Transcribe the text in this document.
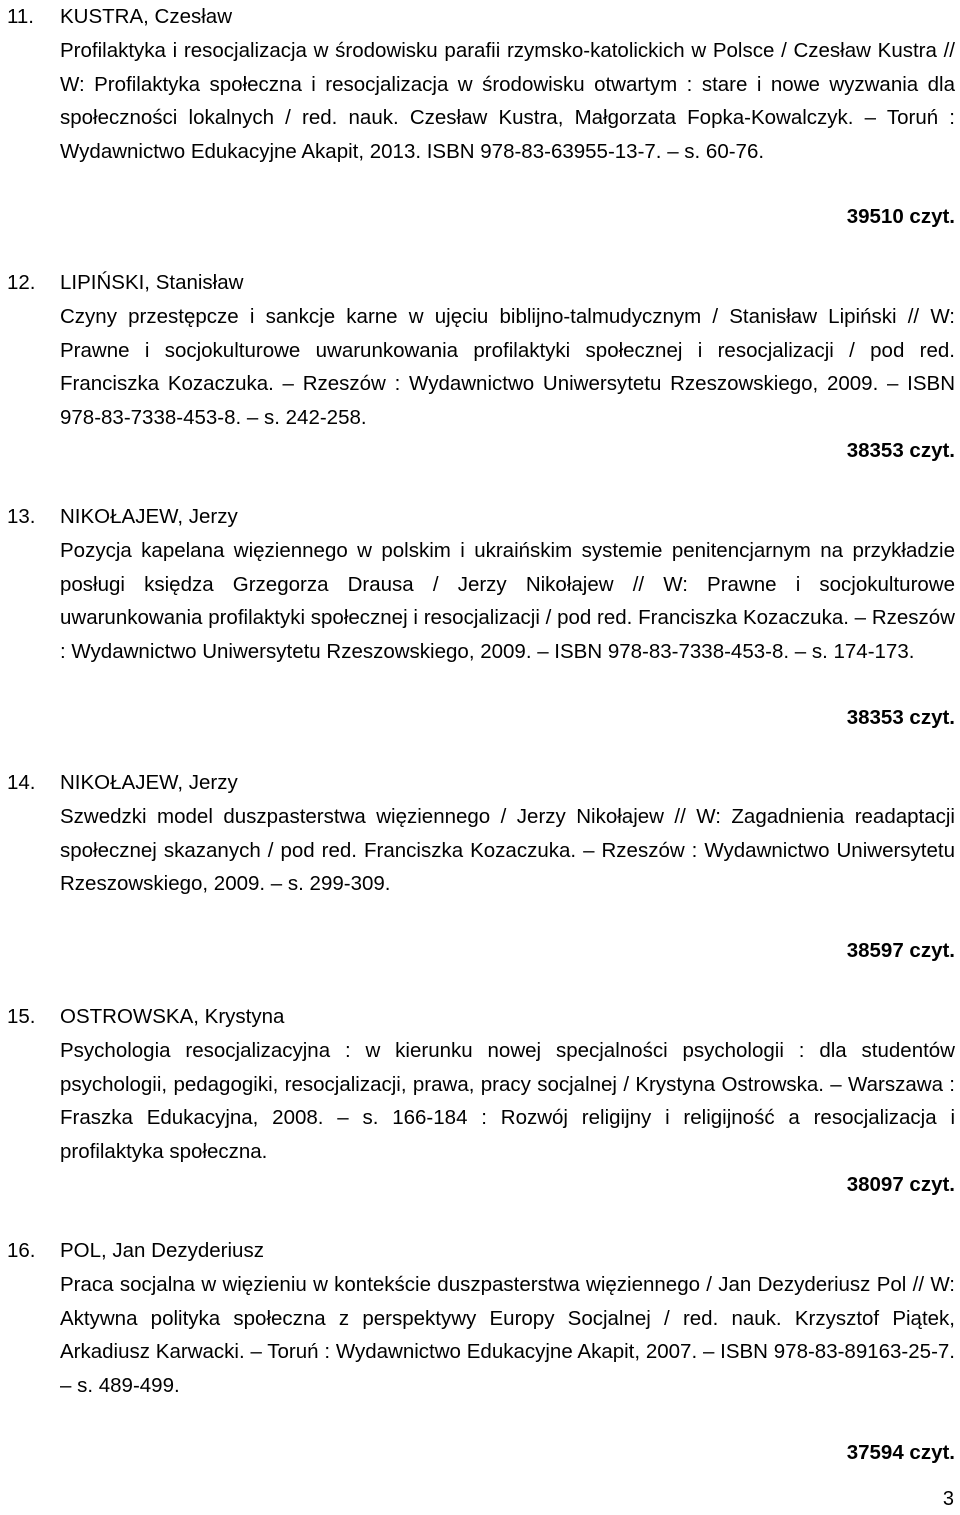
11. KUSTRA, Czesław
Profilaktyka i resocjalizacja w środowisku parafii rzymsko-katolickich w Polsce / Czesław Kustra // W: Profilaktyka społeczna i resocjalizacja w środowisku otwartym : stare i nowe wyzwania dla społeczności lokalnych / red. nauk. Czesław Kustra, Małgorzata Fopka-Kowalczyk. – Toruń : Wydawnictwo Edukacyjne Akapit, 2013. ISBN 978-83-63955-13-7. – s. 60-76.
39510 czyt.
12. LIPIŃSKI, Stanisław
Czyny przestępcze i sankcje karne w ujęciu biblijno-talmudycznym / Stanisław Lipiński // W: Prawne i socjokulturowe uwarunkowania profilaktyki społecznej i resocjalizacji / pod red. Franciszka Kozaczuka. – Rzeszów : Wydawnictwo Uniwersytetu Rzeszowskiego, 2009. – ISBN 978-83-7338-453-8. – s. 242-258.
38353 czyt.
13. NIKOŁAJEW, Jerzy
Pozycja kapelana więziennego w polskim i ukraińskim systemie penitencjarnym na przykładzie posługi księdza Grzegorza Drausa / Jerzy Nikołajew // W: Prawne i socjokulturowe uwarunkowania profilaktyki społecznej i resocjalizacji / pod red. Franciszka Kozaczuka. – Rzeszów : Wydawnictwo Uniwersytetu Rzeszowskiego, 2009. – ISBN 978-83-7338-453-8. – s. 174-173.
38353 czyt.
14. NIKOŁAJEW, Jerzy
Szwedzki model duszpasterstwa więziennego / Jerzy Nikołajew // W: Zagadnienia readaptacji społecznej skazanych / pod red. Franciszka Kozaczuka. – Rzeszów : Wydawnictwo Uniwersytetu Rzeszowskiego, 2009. – s. 299-309.
38597 czyt.
15. OSTROWSKA, Krystyna
Psychologia resocjalizacyjna : w kierunku nowej specjalności psychologii : dla studentów psychologii, pedagogiki, resocjalizacji, prawa, pracy socjalnej / Krystyna Ostrowska. – Warszawa : Fraszka Edukacyjna, 2008. – s. 166-184 : Rozwój religijny i religijność a resocjalizacja i profilaktyka społeczna.
38097 czyt.
16. POL, Jan Dezyderiusz
Praca socjalna w więzieniu w kontekście duszpasterstwa więziennego / Jan Dezyderiusz Pol // W: Aktywna polityka społeczna z perspektywy Europy Socjalnej / red. nauk. Krzysztof Piątek, Arkadiusz Karwacki. – Toruń : Wydawnictwo Edukacyjne Akapit, 2007. – ISBN 978-83-89163-25-7. – s. 489-499.
37594 czyt.
3
